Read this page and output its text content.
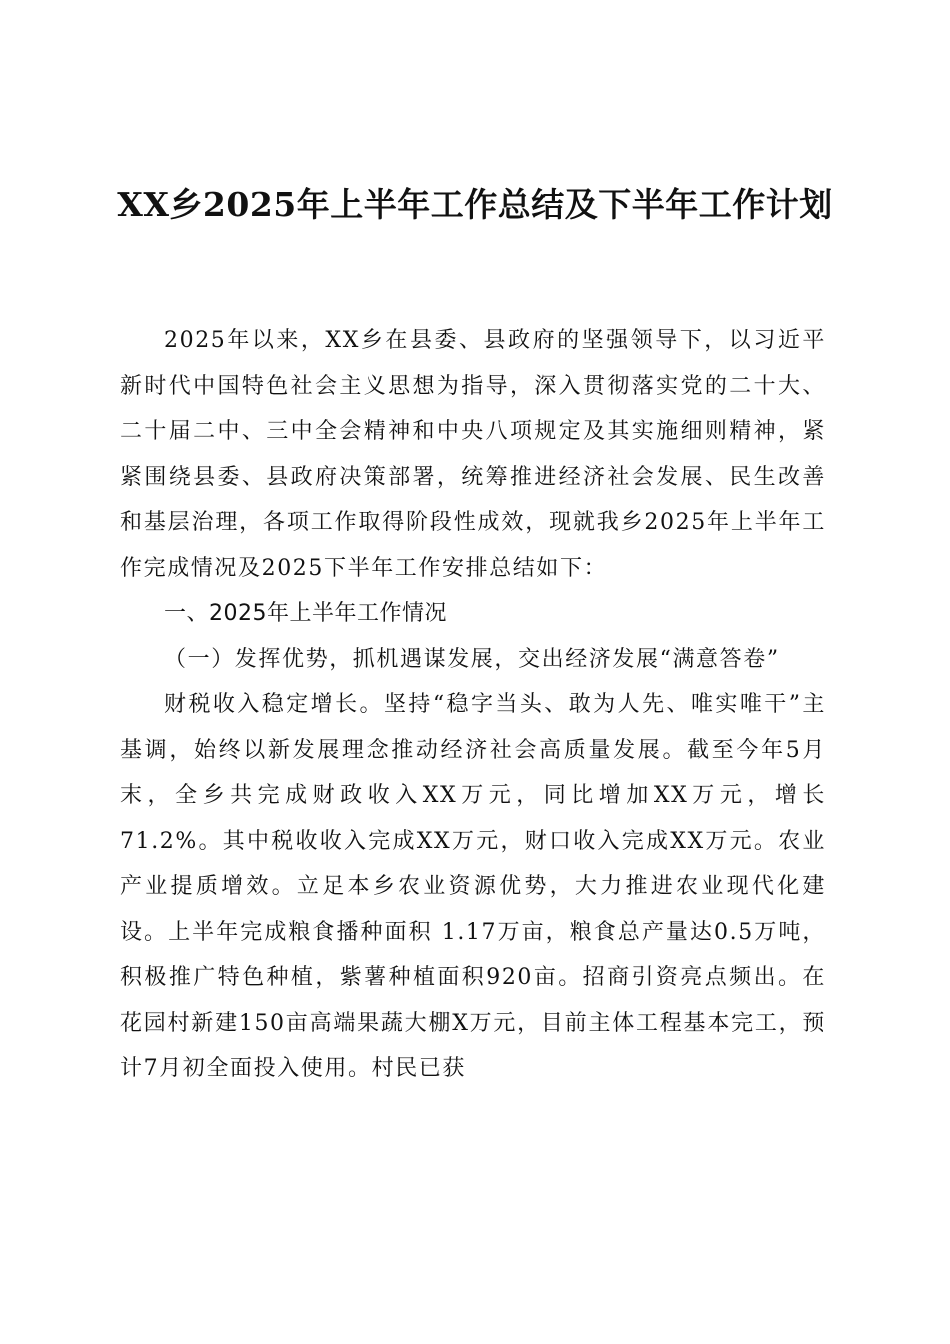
XX乡2025年上半年工作总结及下半年工作计划

2025年以来，XX乡在县委、县政府的坚强领导下，以习近平新时代中国特色社会主义思想为指导，深入贯彻落实党的二十大、二十届二中、三中全会精神和中央八项规定及其实施细则精神，紧紧围绕县委、县政府决策部署，统筹推进经济社会发展、民生改善和基层治理，各项工作取得阶段性成效，现就我乡2025年上半年工作完成情况及2025下半年工作安排总结如下：

一、2025年上半年工作情况

（一）发挥优势，抓机遇谋发展，交出经济发展“满意答卷”

财税收入稳定增长。坚持“稳字当头、敢为人先、唯实唯干”主基调，始终以新发展理念推动经济社会高质量发展。截至今年5月末，全乡共完成财政收入XX万元，同比增加XX万元，增长71.2%。其中税收收入完成XX万元，财口收入完成XX万元。农业产业提质增效。立足本乡农业资源优势，大力推进农业现代化建设。上半年完成粮食播种面积 1.17万亩，粮食总产量达0.5万吨，积极推广特色种植，紫薯种植面积920亩。招商引资亮点频出。在花园村新建150亩高端果蔬大棚X万元，目前主体工程基本完工，预计7月初全面投入使用。村民已获
